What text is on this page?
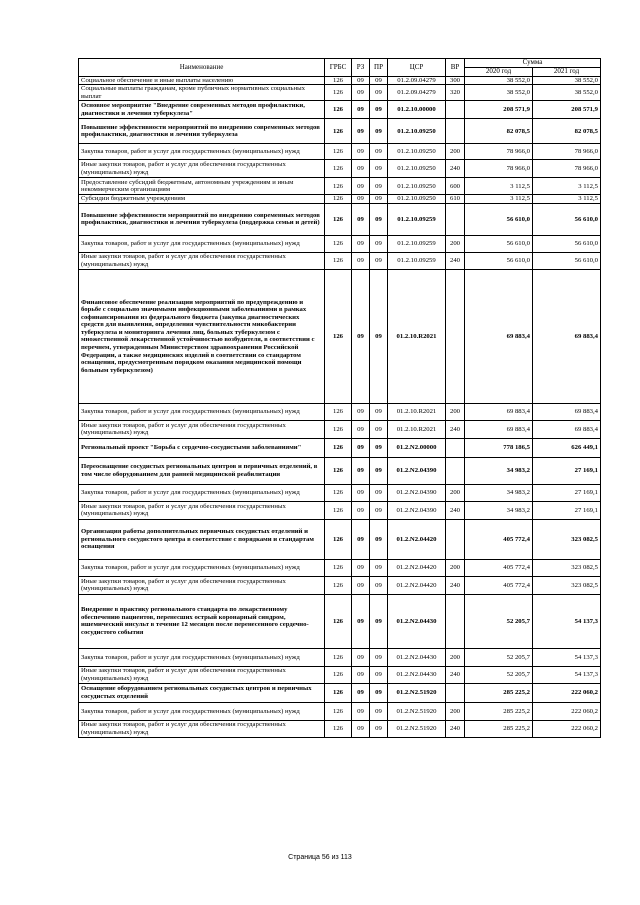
Наименование	ГРБС	РЗ	ПР	ЦСР	ВР	Сумма	
						2020 год	2021 год
Социальное обеспечение и иные выплаты населению	126	09	09	01.2.09.04279	300	38 552,0	38 552,0
Социальные выплаты гражданам, кроме публичных нормативных социальных выплат	126	09	09	01.2.09.04279	320	38 552,0	38 552,0
Основное мероприятие "Внедрение современных методов профилактики, диагностики и лечения туберкулеза"	126	09	09	01.2.10.00000		208 571,9	208 571,9
Повышение эффективности мероприятий по внедрению современных методов профилактики, диагностики и лечения туберкулеза	126	09	09	01.2.10.09250		82 078,5	82 078,5
Закупка товаров, работ и услуг для государственных (муниципальных) нужд	126	09	09	01.2.10.09250	200	78 966,0	78 966,0
Иные закупки товаров, работ и услуг для обеспечения государственных (муниципальных) нужд	126	09	09	01.2.10.09250	240	78 966,0	78 966,0
Предоставление субсидий бюджетным, автономным учреждениям и иным некоммерческим организациям	126	09	09	01.2.10.09250	600	3 112,5	3 112,5
Субсидии бюджетным учреждениям	126	09	09	01.2.10.09250	610	3 112,5	3 112,5
Повышение эффективности мероприятий по внедрению современных методов профилактики, диагностики и лечения туберкулеза (поддержка семьи и детей)	126	09	09	01.2.10.09259		56 610,0	56 610,0
Закупка товаров, работ и услуг для государственных (муниципальных) нужд	126	09	09	01.2.10.09259	200	56 610,0	56 610,0
Иные закупки товаров, работ и услуг для обеспечения государственных (муниципальных) нужд	126	09	09	01.2.10.09259	240	56 610,0	56 610,0
Финансовое обеспечение реализации мероприятий по предупреждению и борьбе с социально значимыми инфекционными заболеваниями в рамках софинансирования из федерального бюджета (закупка диагностических средств для выявления, определения чувствительности микобактерии туберкулеза и мониторинга лечения лиц, больных туберкулезом с множественной лекарственной устойчивостью возбудителя, в соответствии с перечнем, утвержденным Министерством здравоохранения Российской Федерации, а также медицинских изделий в соответствии со стандартом оснащения, предусмотренным порядком оказания медицинской помощи больным туберкулезом)	126	09	09	01.2.10.R2021		69 883,4	69 883,4
Закупка товаров, работ и услуг для государственных (муниципальных) нужд	126	09	09	01.2.10.R2021	200	69 883,4	69 883,4
Иные закупки товаров, работ и услуг для обеспечения государственных (муниципальных) нужд	126	09	09	01.2.10.R2021	240	69 883,4	69 883,4
Региональный проект "Борьба с сердечно-сосудистыми заболеваниями"	126	09	09	01.2.N2.00000		778 186,5	626 449,1
Переоснащение сосудистых региональных центров и первичных отделений, в том числе оборудованием для ранней медицинской реабилитации	126	09	09	01.2.N2.04390		34 983,2	27 169,1
Закупка товаров, работ и услуг для государственных (муниципальных) нужд	126	09	09	01.2.N2.04390	200	34 983,2	27 169,1
Иные закупки товаров, работ и услуг для обеспечения государственных (муниципальных) нужд	126	09	09	01.2.N2.04390	240	34 983,2	27 169,1
Организация работы дополнительных первичных сосудистых отделений и регионального сосудистого центра в соответствие с порядками и стандартам оснащения	126	09	09	01.2.N2.04420		405 772,4	323 082,5
Закупка товаров, работ и услуг для государственных (муниципальных) нужд	126	09	09	01.2.N2.04420	200	405 772,4	323 082,5
Иные закупки товаров, работ и услуг для обеспечения государственных (муниципальных) нужд	126	09	09	01.2.N2.04420	240	405 772,4	323 082,5
Внедрение в практику регионального стандарта по лекарственному обеспечению пациентов, перенесших острый коронарный синдром, ишемический инсульт в течение 12 месяцев после перенесенного сердечно-сосудистого события	126	09	09	01.2.N2.04430		52 205,7	54 137,3
Закупка товаров, работ и услуг для государственных (муниципальных) нужд	126	09	09	01.2.N2.04430	200	52 205,7	54 137,3
Иные закупки товаров, работ и услуг для обеспечения государственных (муниципальных) нужд	126	09	09	01.2.N2.04430	240	52 205,7	54 137,3
Оснащение оборудованием региональных сосудистых центров и первичных сосудистых отделений	126	09	09	01.2.N2.51920		285 225,2	222 060,2
Закупка товаров, работ и услуг для государственных (муниципальных) нужд	126	09	09	01.2.N2.51920	200	285 225,2	222 060,2
Иные закупки товаров, работ и услуг для обеспечения государственных (муниципальных) нужд	126	09	09	01.2.N2.51920	240	285 225,2	222 060,2
Страница 56 из 113
